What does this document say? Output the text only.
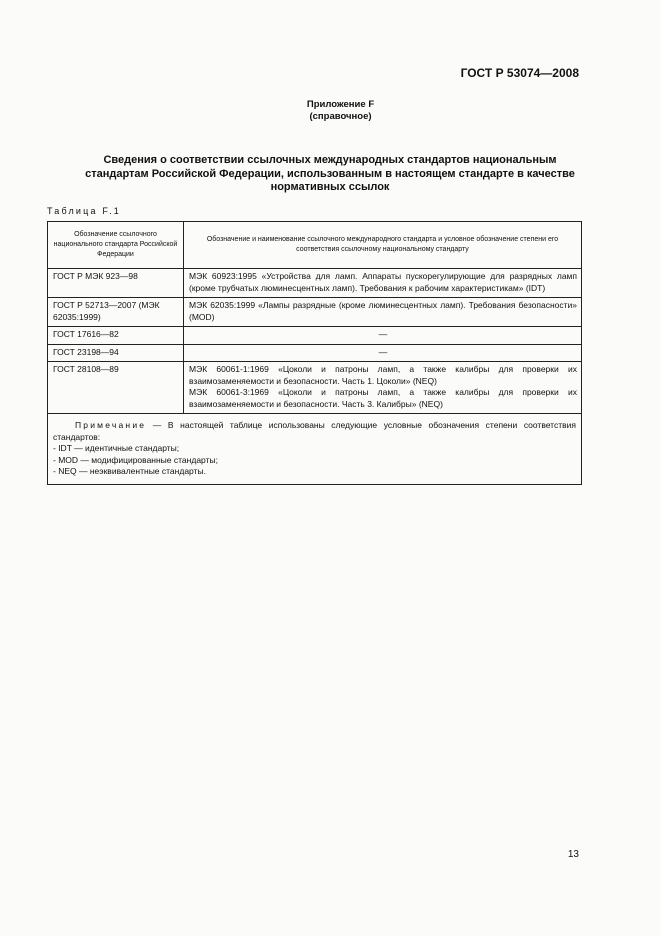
ГОСТ Р 53074—2008
Приложение F
(справочное)
Сведения о соответствии ссылочных международных стандартов национальным стандартам Российской Федерации, использованным в настоящем стандарте в качестве нормативных ссылок
Таблица F.1
Обозначение ссылочного национального стандарта Российской Федерации	Обозначение и наименование ссылочного международного стандарта и условное обозначение степени его соответствия ссылочному национальному стандарту
ГОСТ Р МЭК 923—98	МЭК 60923:1995 «Устройства для ламп. Аппараты пускорегулирующие для разрядных ламп (кроме трубчатых люминесцентных ламп). Требования к рабочим характеристикам» (IDT)
ГОСТ Р 52713—2007 (МЭК 62035:1999)	МЭК 62035:1999 «Лампы разрядные (кроме люминесцентных ламп). Требования безопасности» (MOD)
ГОСТ 17616—82	—
ГОСТ 23198—94	—
ГОСТ 28108—89	МЭК 60061-1:1969 «Цоколи и патроны ламп, а также калибры для проверки их взаимозаменяемости и безопасности. Часть 1. Цоколи» (NEQ)
МЭК 60061-3:1969 «Цоколи и патроны ламп, а также калибры для проверки их взаимозаменяемости и безопасности. Часть 3. Калибры» (NEQ)

Примечание — В настоящей таблице использованы следующие условные обозначения степени соответствия стандартов:
- IDT — идентичные стандарты;
- MOD — модифицированные стандарты;
- NEQ — неэквивалентные стандарты.	
13
